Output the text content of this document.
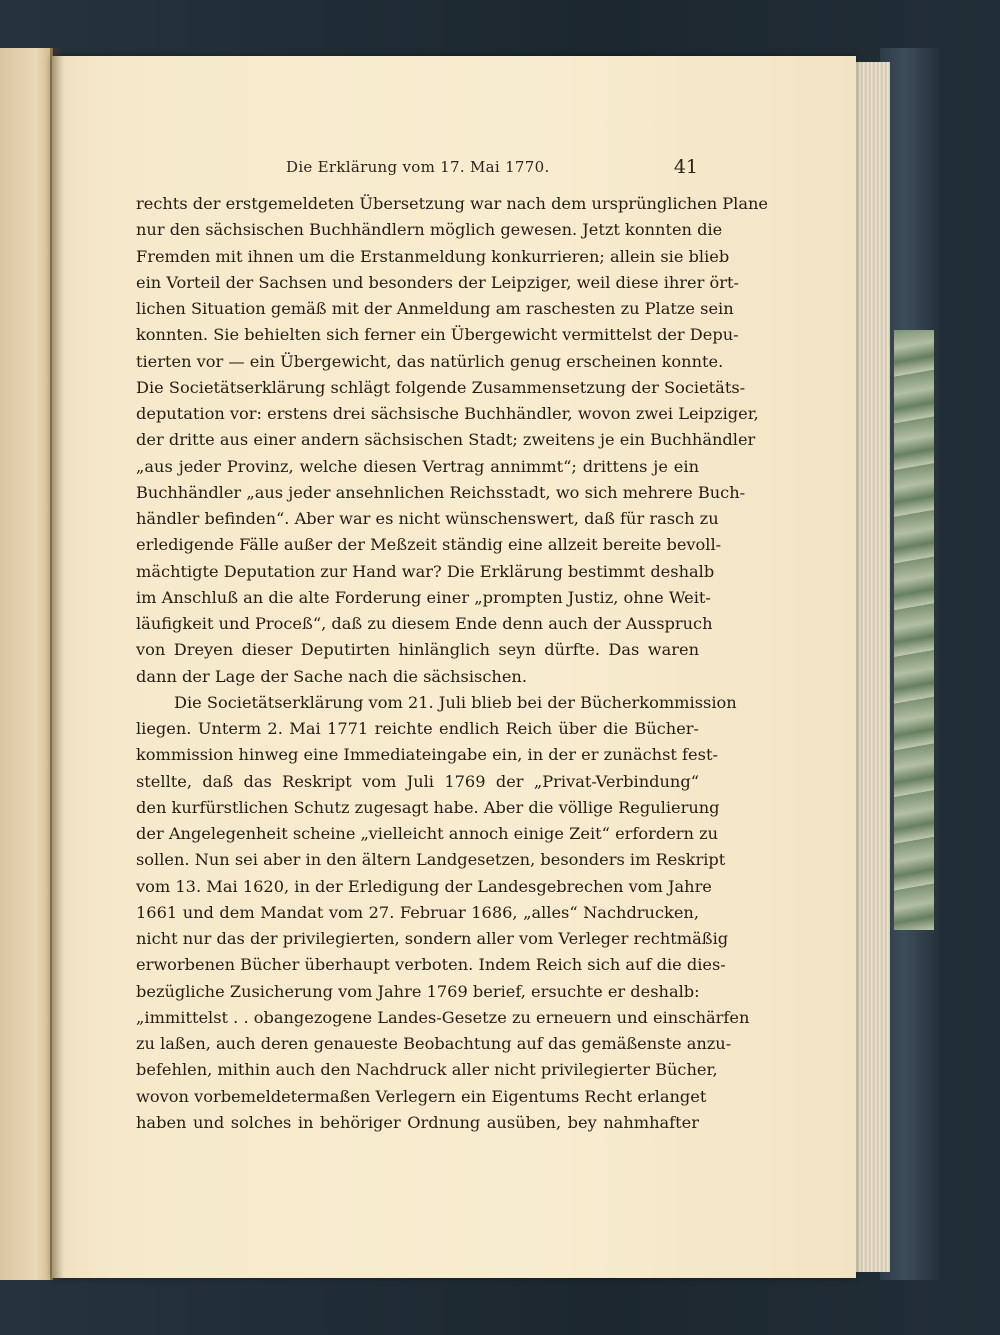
Die Erklärung vom 17. Mai 1770.	41
rechts der erstgemeldeten Übersetzung war nach dem ursprünglichen Plane
nur den sächsischen Buchhändlern möglich gewesen. Jetzt konnten die
Fremden mit ihnen um die Erstanmeldung konkurrieren; allein sie blieb
ein Vorteil der Sachsen und besonders der Leipziger, weil diese ihrer ört-
lichen Situation gemäß mit der Anmeldung am raschesten zu Platze sein
konnten. Sie behielten sich ferner ein Übergewicht vermittelst der Depu-
tierten vor — ein Übergewicht, das natürlich genug erscheinen konnte.
Die Societätserklärung schlägt folgende Zusammensetzung der Societäts-
deputation vor: erstens drei sächsische Buchhändler, wovon zwei Leipziger,
der dritte aus einer andern sächsischen Stadt; zweitens je ein Buchhändler
„aus jeder Provinz, welche diesen Vertrag annimmt“; drittens je ein
Buchhändler „aus jeder ansehnlichen Reichsstadt, wo sich mehrere Buch-
händler befinden“. Aber war es nicht wünschenswert, daß für rasch zu
erledigende Fälle außer der Meßzeit ständig eine allzeit bereite bevoll-
mächtigte Deputation zur Hand war? Die Erklärung bestimmt deshalb
im Anschluß an die alte Forderung einer „prompten Justiz, ohne Weit-
läufigkeit und Proceß“, daß zu diesem Ende denn auch der Ausspruch
von Dreyen dieser Deputirten hinlänglich seyn dürfte. Das waren
dann der Lage der Sache nach die sächsischen.
Die Societätserklärung vom 21. Juli blieb bei der Bücherkommission
liegen. Unterm 2. Mai 1771 reichte endlich Reich über die Bücher-
kommission hinweg eine Immediateingabe ein, in der er zunächst fest-
stellte, daß das Reskript vom Juli 1769 der „Privat-Verbindung“
den kurfürstlichen Schutz zugesagt habe. Aber die völlige Regulierung
der Angelegenheit scheine „vielleicht annoch einige Zeit“ erfordern zu
sollen. Nun sei aber in den ältern Landgesetzen, besonders im Reskript
vom 13. Mai 1620, in der Erledigung der Landesgebrechen vom Jahre
1661 und dem Mandat vom 27. Februar 1686, „alles“ Nachdrucken,
nicht nur das der privilegierten, sondern aller vom Verleger rechtmäßig
erworbenen Bücher überhaupt verboten. Indem Reich sich auf die dies-
bezügliche Zusicherung vom Jahre 1769 berief, ersuchte er deshalb:
„immittelst . . obangezogene Landes-Gesetze zu erneuern und einschärfen
zu laßen, auch deren genaueste Beobachtung auf das gemäßenste anzu-
befehlen, mithin auch den Nachdruck aller nicht privilegierter Bücher,
wovon vorbemeldetermaßen Verlegern ein Eigentums Recht erlanget
haben und solches in behöriger Ordnung ausüben, bey nahmhafter
